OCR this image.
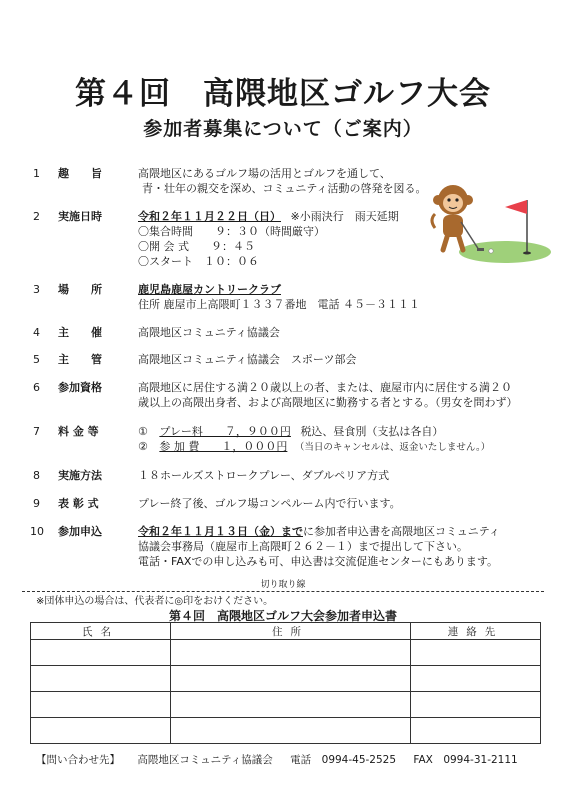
第４回　高隈地区ゴルフ大会
参加者募集について（ご案内）
1	趣　　旨	高隈地区にあるゴルフ場の活用とゴルフを通して、
青・壮年の親交を深め、コミュニティ活動の啓発を図る。
2	実施日時	令和２年１１月２２日（日） ※小雨決行　雨天延期
〇集合時間　　９：３０（時間厳守）
〇開 会 式　　９：４５
〇スタート　１０：０６
3	場　　所	鹿児島鹿屋カントリークラブ
住所 鹿屋市上高隈町１３３７番地　電話 ４５－３１１１
4	主　　催	高隈地区コミュニティ協議会
5	主　　管	高隈地区コミュニティ協議会　スポーツ部会
6	参加資格	高隈地区に居住する満２０歳以上の者、または、鹿屋市内に居住する満２０
歳以上の高隈出身者、および高隈地区に勤務する者とする。（男女を問わず）
7	料 金 等	① プレー料　　７，９００円 税込、昼食別（支払は各自）
② 参 加 費　　１，０００円 （当日のキャンセルは、返金いたしません。）
8	実施方法	１８ホールズストロークプレー、ダブルペリア方式
9	表 彰 式	プレー終了後、ゴルフ場コンペルーム内で行います。
10	参加申込	令和２年１１月１３日（金）までに参加者申込書を高隈地区コミュニティ
協議会事務局（鹿屋市上高隈町２６２－１）まで提出して下さい。
電話・FAXでの申し込みも可、申込書は交流促進センターにもあります。
切り取り線
※団体申込の場合は、代表者に◎印をおけください。
第４回　高隈地区ゴルフ大会参加者申込書
氏名	住所	連絡先

【問い合わせ先】 高隈地区コミュニティ協議会 電話　0994-45-2525 FAX　0994-31-2111
